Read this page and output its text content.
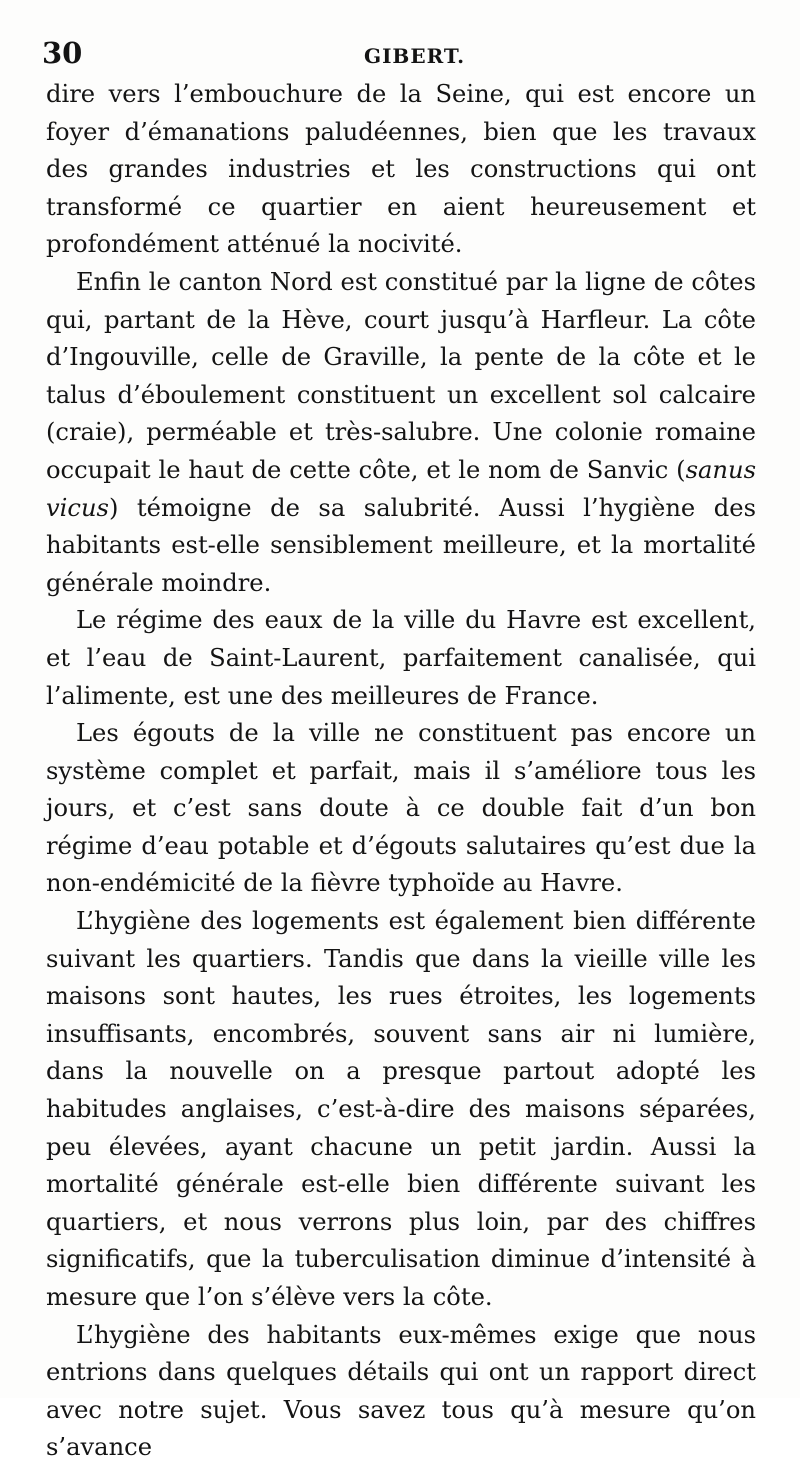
30	GIBERT.

dire vers l’embouchure de la Seine, qui est encore un foyer d’émanations paludéennes, bien que les travaux des grandes industries et les constructions qui ont transformé ce quartier en aient heureusement et profondément atténué la nocivité.

Enfin le canton Nord est constitué par la ligne de côtes qui, partant de la Hève, court jusqu’à Harfleur. La côte d’Ingouville, celle de Graville, la pente de la côte et le talus d’éboulement constituent un excellent sol calcaire (craie), perméable et très-salubre. Une colonie romaine occupait le haut de cette côte, et le nom de Sanvic (sanus vicus) témoigne de sa salubrité. Aussi l’hygiène des habitants est-elle sensiblement meilleure, et la mortalité générale moindre.

Le régime des eaux de la ville du Havre est excellent, et l’eau de Saint-Laurent, parfaitement canalisée, qui l’alimente, est une des meilleures de France.

Les égouts de la ville ne constituent pas encore un système complet et parfait, mais il s’améliore tous les jours, et c’est sans doute à ce double fait d’un bon régime d’eau potable et d’égouts salutaires qu’est due la non-endémicité de la fièvre typhoïde au Havre.

L’hygiène des logements est également bien différente suivant les quartiers. Tandis que dans la vieille ville les maisons sont hautes, les rues étroites, les logements insuffisants, encombrés, souvent sans air ni lumière, dans la nouvelle on a presque partout adopté les habitudes anglaises, c’est-à-dire des maisons séparées, peu élevées, ayant chacune un petit jardin. Aussi la mortalité générale est-elle bien différente suivant les quartiers, et nous verrons plus loin, par des chiffres significatifs, que la tuberculisation diminue d’intensité à mesure que l’on s’élève vers la côte.

L’hygiène des habitants eux-mêmes exige que nous entrions dans quelques détails qui ont un rapport direct avec notre sujet. Vous savez tous qu’à mesure qu’on s’avance
